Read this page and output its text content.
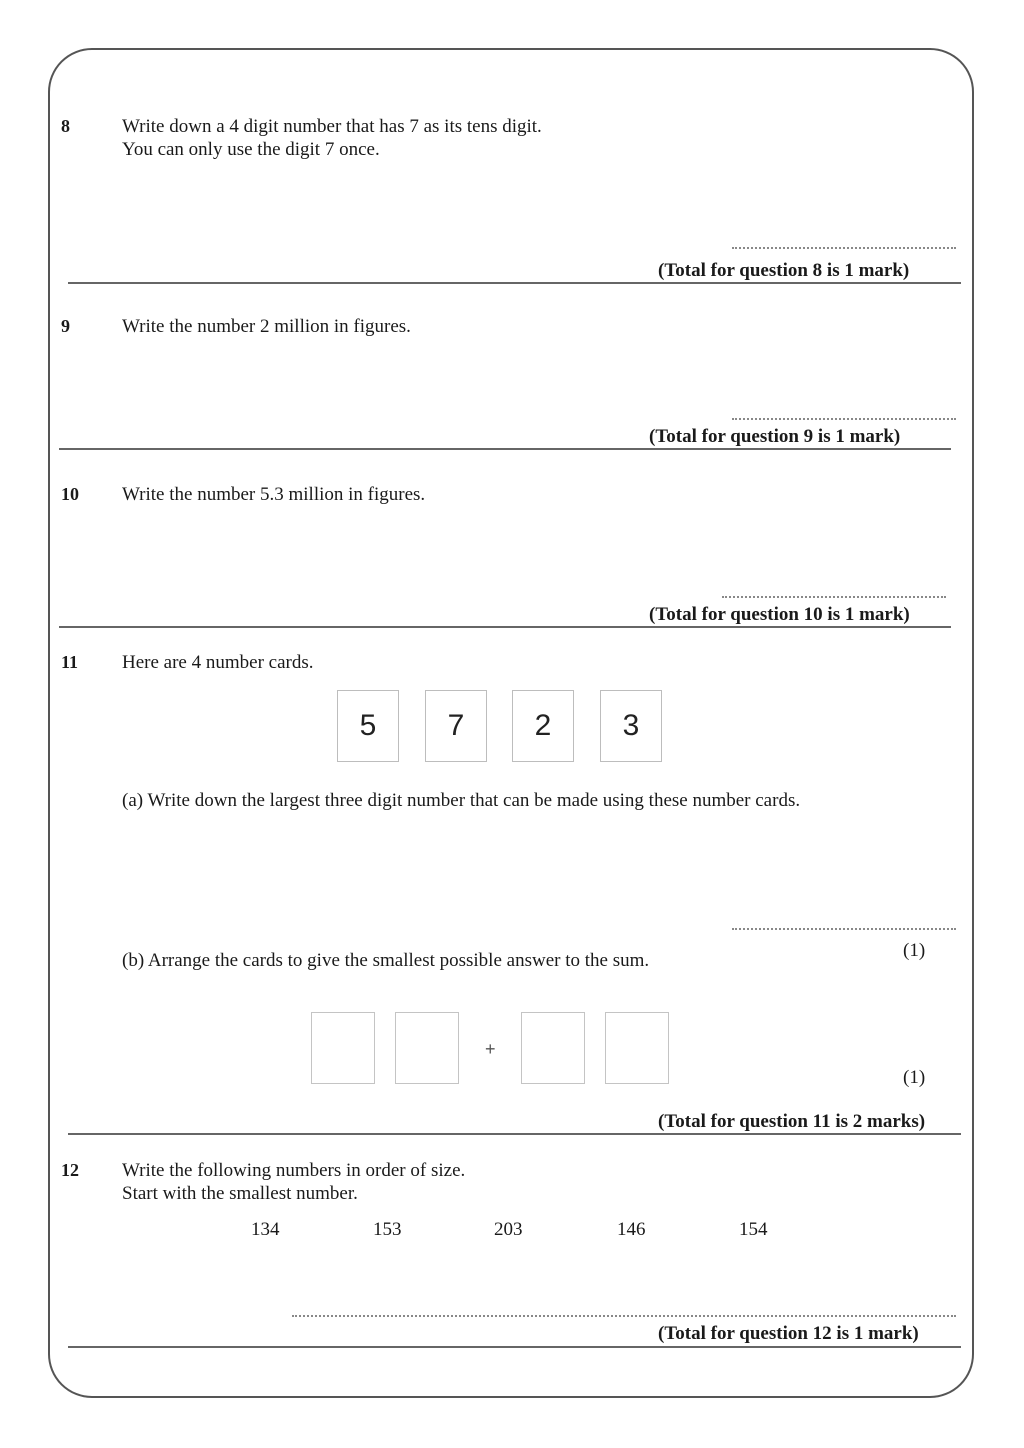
8	Write down a 4 digit number that has 7 as its tens digit.
You can only use the digit 7 once.
(Total for question 8 is 1 mark)
9	Write the number 2 million in figures.
(Total for question 9 is 1 mark)
10 Write the number 5.3 million in figures.
(Total for question 10 is 1 mark)
11 Here are 4 number cards.
5	7	2	3
(a) Write down the largest three digit number that can be made using these number cards.
(1)
(b) Arrange the cards to give the smallest possible answer to the sum.
+
(1)
(Total for question 11 is 2 marks)
12 Write the following numbers in order of size.
Start with the smallest number.
134	153	203	146	154
(Total for question 12 is 1 mark)
